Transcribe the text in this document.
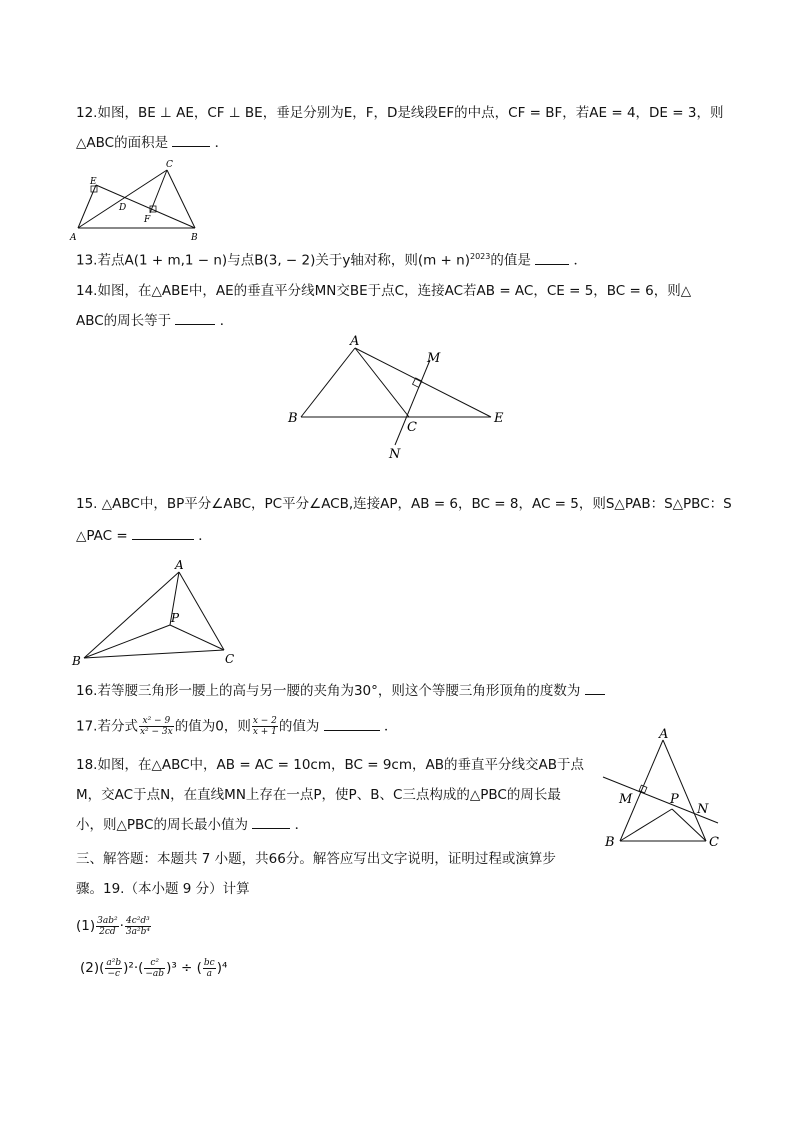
12.如图，BE ⊥ AE，CF ⊥ BE，垂足分别为E，F，D是线段EF的中点，CF = BF，若AE = 4，DE = 3，则
△ABC的面积是	．
A	B
C
D
E
F
13.若点A(1 + m,1 − n)与点B(3, − 2)关于y轴对称，则$(m + n)^{2023}$的值是	．
14.如图，在△ABE中，AE的垂直平分线MN交BE于点C，连接AC若AB = AC，CE = 5，BC = 6，则△
ABC的周长等于	．
A
B
C
E
M
N
15. △ABC中，BP平分∠ABC，PC平分∠ACB,连接AP，AB = 6，BC = 8，AC = 5，则S△PAB：S△PBC：S
△PAC =	．
A
B	C
P
16.若等腰三角形一腰上的高与另一腰的夹角为30°，则这个等腰三角形顶角的度数为
17.若分式 $\frac{\text{x² − 9}}{\text{x² − 3x}}$ 的值为0，则 $\frac{x - 2}{x + 1}$ 的值为	．
18.如图，在△ABC中，AB = AC = 10cm，BC = 9cm，AB的垂直平分线交AB于点
M，交AC于点N，在直线MN上存在一点P，使P、B、C三点构成的△PBC的周长最
小，则△PBC的周长最小值为	．
A
B	C
M
N
P
三、解答题：本题共 7 小题，共66分。解答应写出文字说明，证明过程或演算步
骤。19.（本小题 9 分）计算
$(1) \frac{\text{3ab²}}{2cd} \cdot \frac{\text{4c²d³}}{\text{3a²b⁴}}$
$(2)( \frac{\text{a²b}}{-c} )^2\cdot( \frac{\text{c²}}{-ab} )^3$ ÷ ( $\frac{bc}{a} )^4$
